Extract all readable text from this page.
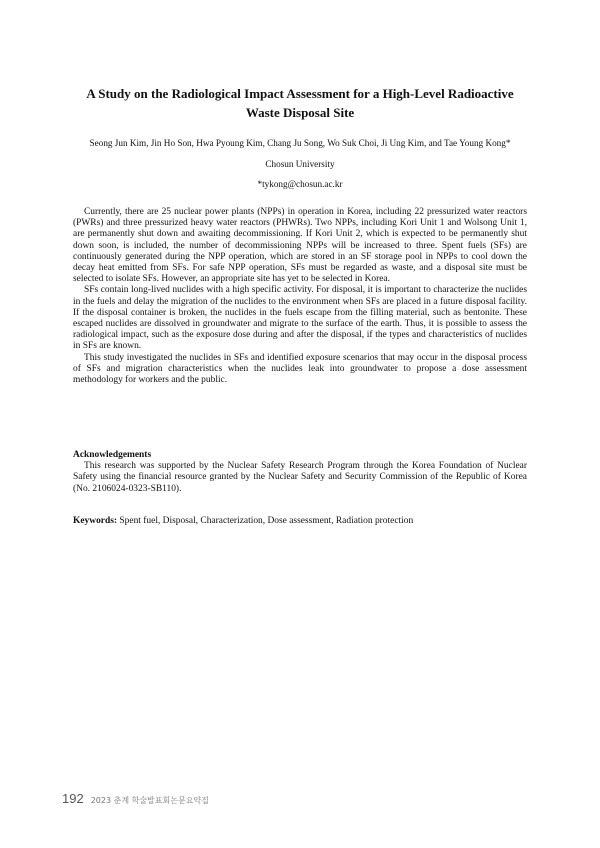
A Study on the Radiological Impact Assessment for a High-Level Radioactive
Waste Disposal Site
Seong Jun Kim, Jin Ho Son, Hwa Pyoung Kim, Chang Ju Song, Wo Suk Choi, Ji Ung Kim, and Tae Young Kong*
Chosun University
*tykong@chosun.ac.kr

Currently, there are 25 nuclear power plants (NPPs) in operation in Korea, including 22 pressurized water reactors (PWRs) and three pressurized heavy water reactors (PHWRs). Two NPPs, including Kori Unit 1 and Wolsong Unit 1, are permanently shut down and awaiting decommissioning. If Kori Unit 2, which is expected to be permanently shut down soon, is included, the number of decommissioning NPPs will be increased to three. Spent fuels (SFs) are continuously generated during the NPP operation, which are stored in an SF storage pool in NPPs to cool down the decay heat emitted from SFs. For safe NPP operation, SFs must be regarded as waste, and a disposal site must be selected to isolate SFs. However, an appropriate site has yet to be selected in Korea.

SFs contain long-lived nuclides with a high specific activity. For disposal, it is important to characterize the nuclides in the fuels and delay the migration of the nuclides to the environment when SFs are placed in a future disposal facility. If the disposal container is broken, the nuclides in the fuels escape from the filling material, such as bentonite. These escaped nuclides are dissolved in groundwater and migrate to the surface of the earth. Thus, it is possible to assess the radiological impact, such as the exposure dose during and after the disposal, if the types and characteristics of nuclides in SFs are known.

This study investigated the nuclides in SFs and identified exposure scenarios that may occur in the disposal process of SFs and migration characteristics when the nuclides leak into groundwater to propose a dose assessment methodology for workers and the public.

Acknowledgements

This research was supported by the Nuclear Safety Research Program through the Korea Foundation of Nuclear Safety using the financial resource granted by the Nuclear Safety and Security Commission of the Republic of Korea (No. 2106024-0323-SB110).

Keywords: Spent fuel, Disposal, Characterization, Dose assessment, Radiation protection
192 2023 춘계 학술발표회논문요약집
